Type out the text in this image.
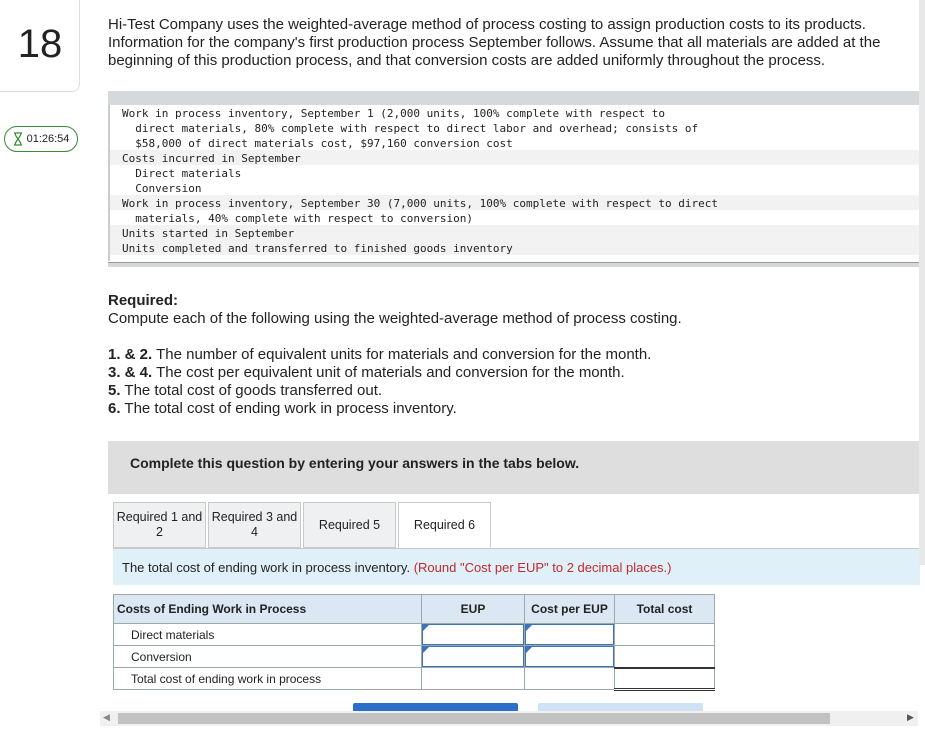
18
01:26:54
Hi-Test Company uses the weighted-average method of process costing to assign production costs to its products. Information for the company's first production process September follows. Assume that all materials are added at the beginning of this production process, and that conversion costs are added uniformly throughout the process.
Work in process inventory, September 1 (2,000 units, 100% complete with respect to
direct materials, 80% complete with respect to direct labor and overhead; consists of
$58,000 of direct materials cost, $97,160 conversion cost
Costs incurred in September
Direct materials
Conversion
Work in process inventory, September 30 (7,000 units, 100% complete with respect to direct
materials, 40% complete with respect to conversion)
Units started in September
Units completed and transferred to finished goods inventory
Required:
Compute each of the following using the weighted-average method of process costing.
1. & 2. The number of equivalent units for materials and conversion for the month.
3. & 4. The cost per equivalent unit of materials and conversion for the month.
5. The total cost of goods transferred out.
6. The total cost of ending work in process inventory.
Complete this question by entering your answers in the tabs below.
Required 1 and 2
Required 3 and 4
Required 5	Required 6
The total cost of ending work in process inventory. (Round "Cost per EUP" to 2 decimal places.)
Costs of Ending Work in Process	EUP	Cost per EUP	Total cost
Direct materials	

Conversion	

Total cost of ending work in process			
◀	▶
